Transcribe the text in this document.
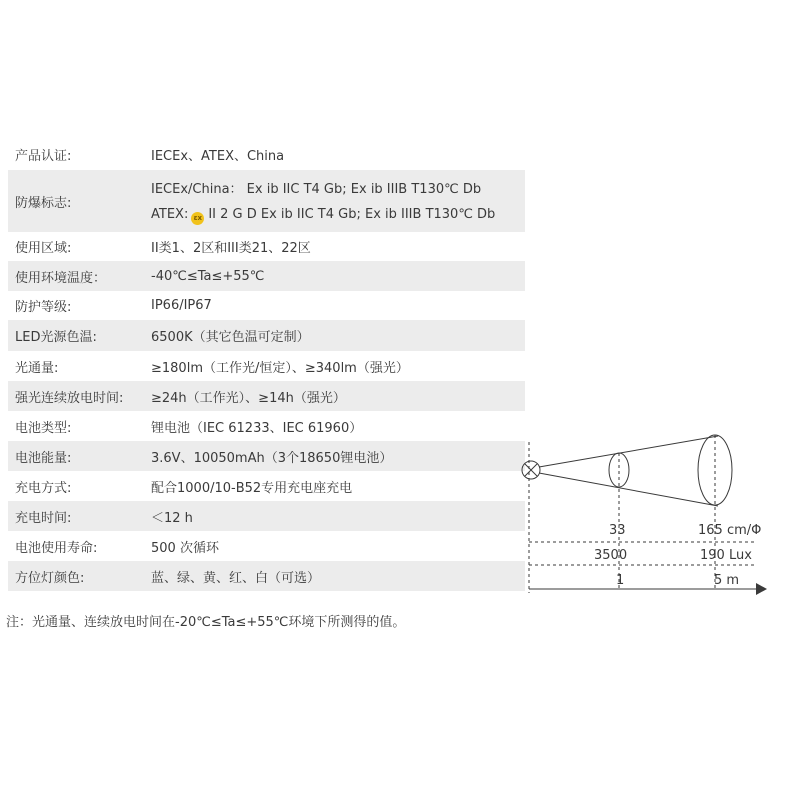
产品认证:	IECEx、ATEX、China
防爆标志:
IECEx/China： Ex ib IIC T4 Gb; Ex ib IIIB T130℃ Db
ATEX: εx II 2 G D Ex ib IIC T4 Gb; Ex ib IIIB T130℃ Db
使用区域:	II类1、2区和III类21、22区
使用环境温度：	-40℃≤Ta≤+55℃
防护等级:	IP66/IP67
LED光源色温:	6500K（其它色温可定制）
光通量:	≥180lm（工作光/恒定）、≥340lm（强光）
强光连续放电时间:	≥24h（工作光）、≥14h（强光）
电池类型:	锂电池（IEC 61233、IEC 61960）
电池能量:	3.6V、10050mAh（3个18650锂电池）
充电方式:	配合1000/10-B52专用充电座充电
充电时间:	＜12 h
电池使用寿命:	500 次循环
方位灯颜色:	蓝、绿、黄、红、白（可选）
注：光通量、连续放电时间在-20℃≤Ta≤+55℃环境下所测得的值。
33	165 cm/Φ
3500	190 Lux
1	5 m
